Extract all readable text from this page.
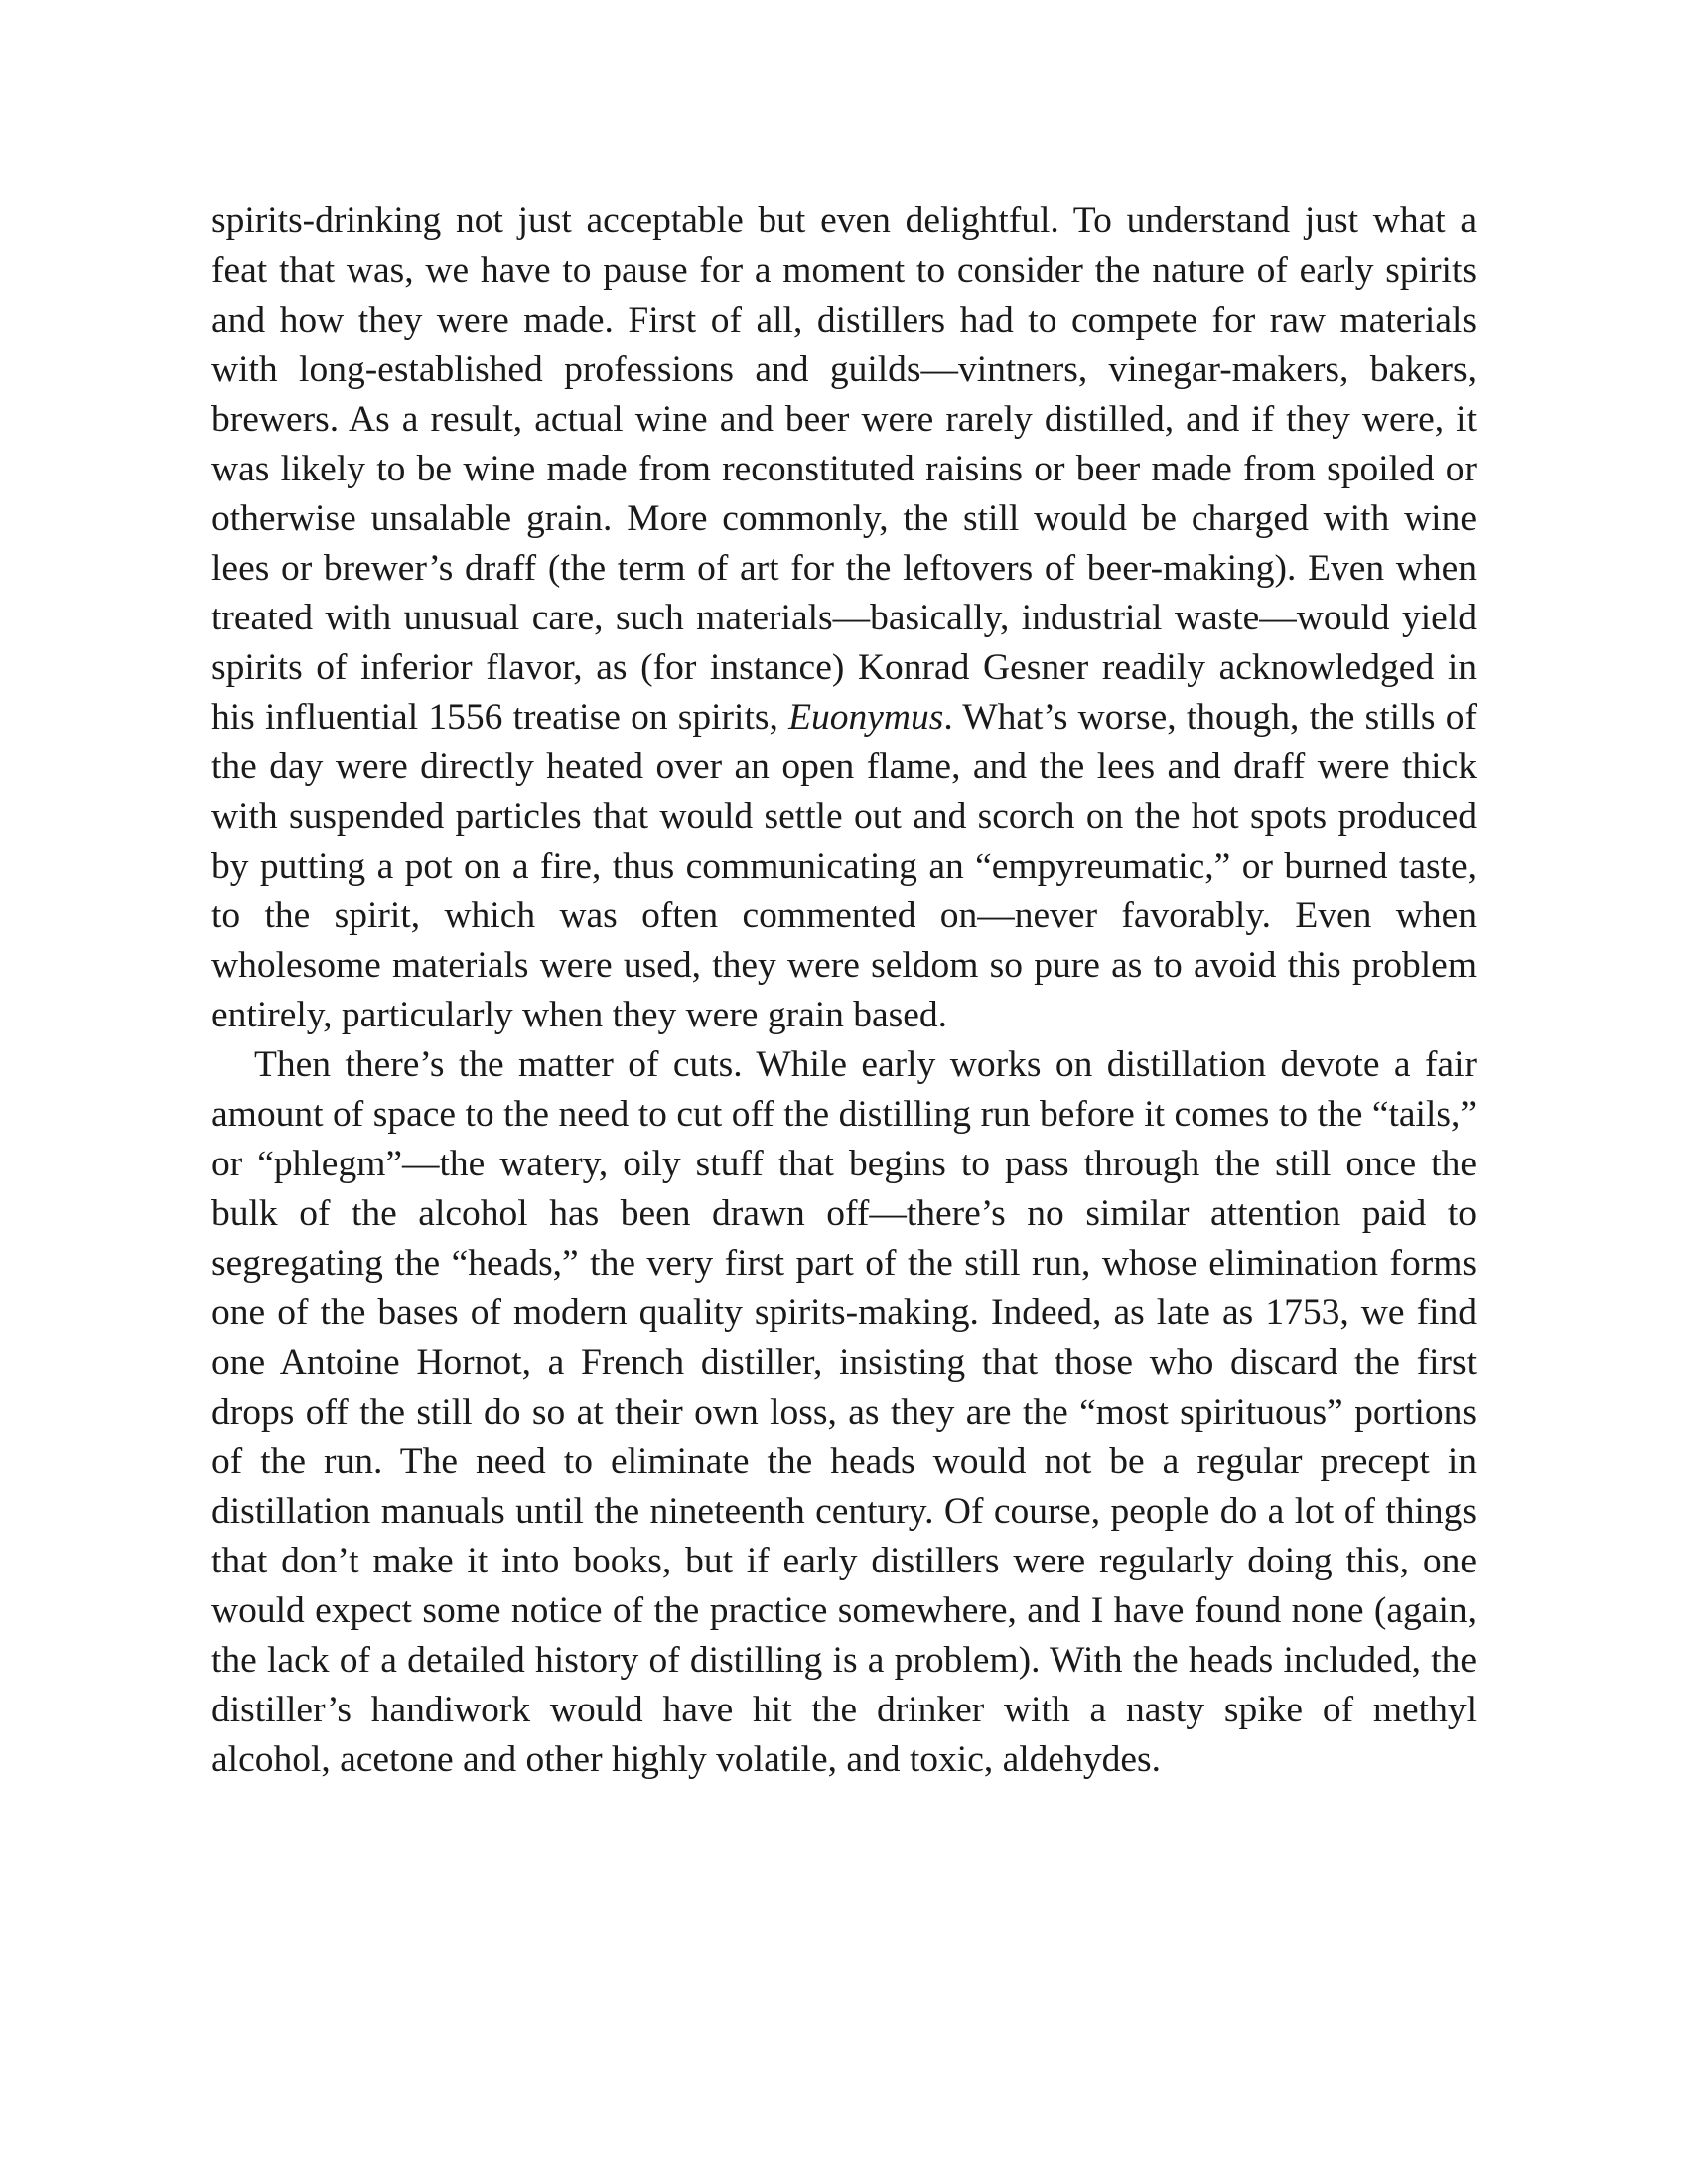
spirits-drinking not just acceptable but even delightful. To understand just what a feat that was, we have to pause for a moment to consider the nature of early spirits and how they were made. First of all, distillers had to compete for raw materials with long-established professions and guilds—vintners, vinegar-makers, bakers, brewers. As a result, actual wine and beer were rarely distilled, and if they were, it was likely to be wine made from reconstituted raisins or beer made from spoiled or otherwise unsalable grain. More commonly, the still would be charged with wine lees or brewer’s draff (the term of art for the leftovers of beer-making). Even when treated with unusual care, such materials—basically, industrial waste—would yield spirits of inferior flavor, as (for instance) Konrad Gesner readily acknowledged in his influential 1556 treatise on spirits, Euonymus. What’s worse, though, the stills of the day were directly heated over an open flame, and the lees and draff were thick with suspended particles that would settle out and scorch on the hot spots produced by putting a pot on a fire, thus communicating an “empyreumatic,” or burned taste, to the spirit, which was often commented on—never favorably. Even when wholesome materials were used, they were seldom so pure as to avoid this problem entirely, particularly when they were grain based.

Then there’s the matter of cuts. While early works on distillation devote a fair amount of space to the need to cut off the distilling run before it comes to the “tails,” or “phlegm”—the watery, oily stuff that begins to pass through the still once the bulk of the alcohol has been drawn off—there’s no similar attention paid to segregating the “heads,” the very first part of the still run, whose elimination forms one of the bases of modern quality spirits-making. Indeed, as late as 1753, we find one Antoine Hornot, a French distiller, insisting that those who discard the first drops off the still do so at their own loss, as they are the “most spirituous” portions of the run. The need to eliminate the heads would not be a regular precept in distillation manuals until the nineteenth century. Of course, people do a lot of things that don’t make it into books, but if early distillers were regularly doing this, one would expect some notice of the practice somewhere, and I have found none (again, the lack of a detailed history of distilling is a problem). With the heads included, the distiller’s handiwork would have hit the drinker with a nasty spike of methyl alcohol, acetone and other highly volatile, and toxic, aldehydes.
